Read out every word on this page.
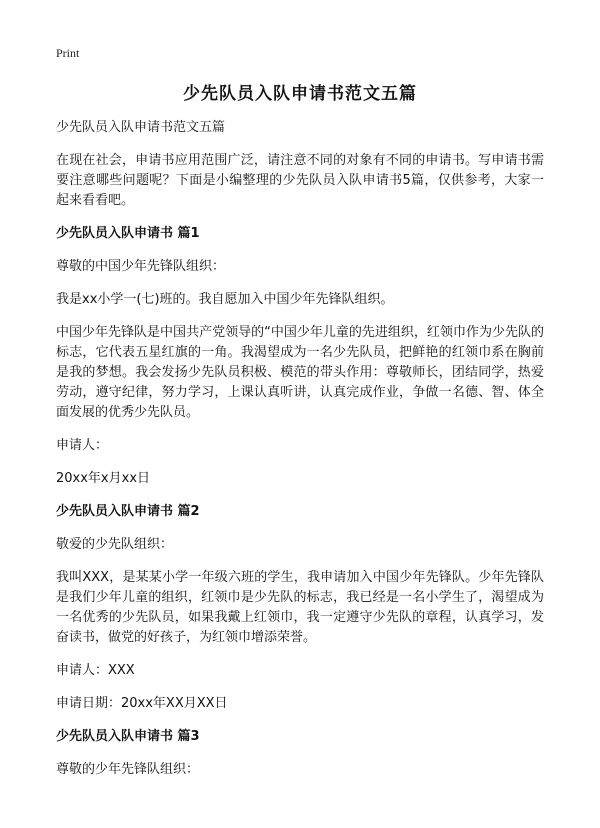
Print
少先队员入队申请书范文五篇

少先队员入队申请书范文五篇

在现在社会，申请书应用范围广泛，请注意不同的对象有不同的申请书。写申请书需要注意哪些问题呢？下面是小编整理的少先队员入队申请书5篇，仅供参考，大家一起来看看吧。

少先队员入队申请书 篇1

尊敬的中国少年先锋队组织：

我是xx小学一(七)班的。我自愿加入中国少年先锋队组织。

中国少年先锋队是中国共产党领导的“中国少年儿童的先进组织，红领巾作为少先队的标志，它代表五星红旗的一角。我渴望成为一名少先队员，把鲜艳的红领巾系在胸前是我的梦想。我会发扬少先队员积极、模范的带头作用：尊敬师长，团结同学，热爱劳动，遵守纪律，努力学习，上课认真听讲，认真完成作业，争做一名德、智、体全面发展的优秀少先队员。

申请人：

20xx年x月xx日

少先队员入队申请书 篇2

敬爱的少先队组织：

我叫XXX，是某某小学一年级六班的学生，我申请加入中国少年先锋队。少年先锋队是我们少年儿童的组织，红领巾是少先队的标志，我已经是一名小学生了，渴望成为一名优秀的少先队员，如果我戴上红领巾，我一定遵守少先队的章程，认真学习，发奋读书，做党的好孩子，为红领巾增添荣誉。

申请人：XXX

申请日期：20xx年XX月XX日

少先队员入队申请书 篇3

尊敬的少年先锋队组织：
